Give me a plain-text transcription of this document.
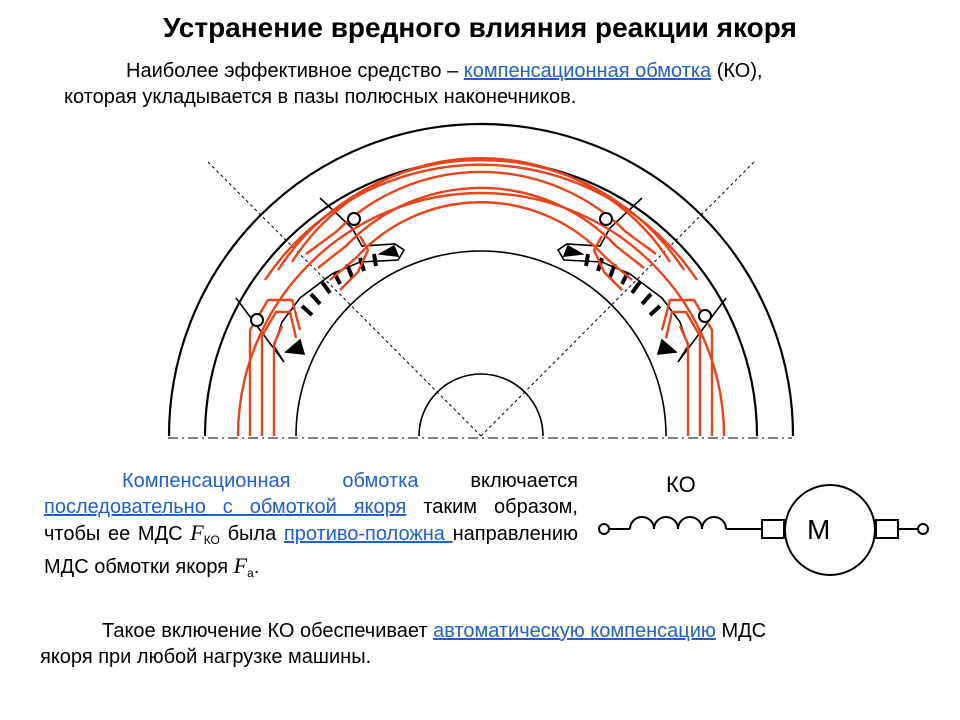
Устранение вредного влияния реакции якоря
Наиболее эффективное средство – компенсационная обмотка (КО),
которая укладывается в пазы полюсных наконечников.
Компенсационная обмотка включается последовательно с обмоткой якоря таким образом, чтобы ее МДС $F_{КО}$ была противо-положна направлению МДС обмотки якоря $F_а$.
КО
М
Такое включение КО обеспечивает автоматическую компенсацию МДС
якоря при любой нагрузке машины.
